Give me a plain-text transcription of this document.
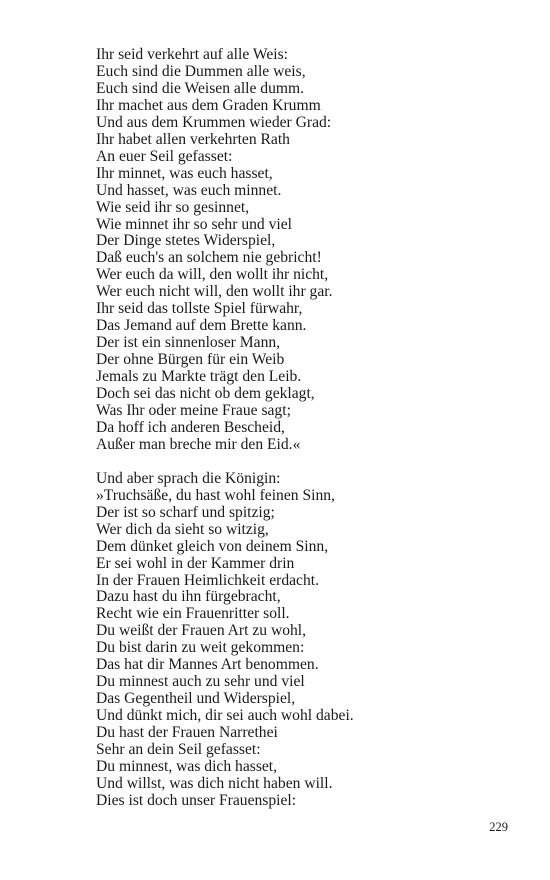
Ihr seid verkehrt auf alle Weis:
Euch sind die Dummen alle weis,
Euch sind die Weisen alle dumm.
Ihr machet aus dem Graden Krumm
Und aus dem Krummen wieder Grad:
Ihr habet allen verkehrten Rath
An euer Seil gefasset:
Ihr minnet, was euch hasset,
Und hasset, was euch minnet.
Wie seid ihr so gesinnet,
Wie minnet ihr so sehr und viel
Der Dinge stetes Widerspiel,
Daß euch's an solchem nie gebricht!
Wer euch da will, den wollt ihr nicht,
Wer euch nicht will, den wollt ihr gar.
Ihr seid das tollste Spiel fürwahr,
Das Jemand auf dem Brette kann.
Der ist ein sinnenloser Mann,
Der ohne Bürgen für ein Weib
Jemals zu Markte trägt den Leib.
Doch sei das nicht ob dem geklagt,
Was Ihr oder meine Fraue sagt;
Da hoff ich anderen Bescheid,
Außer man breche mir den Eid.«
Und aber sprach die Königin:
»Truchsäße, du hast wohl feinen Sinn,
Der ist so scharf und spitzig;
Wer dich da sieht so witzig,
Dem dünket gleich von deinem Sinn,
Er sei wohl in der Kammer drin
In der Frauen Heimlichkeit erdacht.
Dazu hast du ihn fürgebracht,
Recht wie ein Frauenritter soll.
Du weißt der Frauen Art zu wohl,
Du bist darin zu weit gekommen:
Das hat dir Mannes Art benommen.
Du minnest auch zu sehr und viel
Das Gegentheil und Widerspiel,
Und dünkt mich, dir sei auch wohl dabei.
Du hast der Frauen Narrethei
Sehr an dein Seil gefasset:
Du minnest, was dich hasset,
Und willst, was dich nicht haben will.
Dies ist doch unser Frauenspiel:
229
